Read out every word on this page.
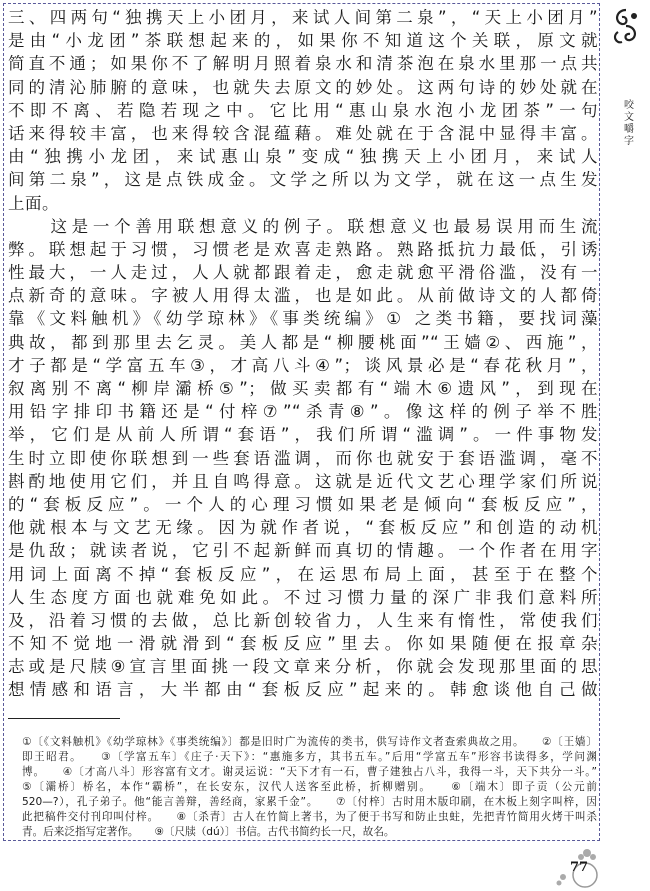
咬文嚼字
三、四两句“独携天上小团月，来试人间第二泉”，“天上小团月”
是由“小龙团”茶联想起来的，如果你不知道这个关联，原文就
简直不通；如果你不了解明月照着泉水和清茶泡在泉水里那一点共
同的清沁肺腑的意味，也就失去原文的妙处。这两句诗的妙处就在
不即不离、若隐若现之中。它比用“惠山泉水泡小龙团茶”一句
话来得较丰富，也来得较含混蕴藉。难处就在于含混中显得丰富。
由“独携小龙团，来试惠山泉”变成“独携天上小团月，来试人
间第二泉”，这是点铁成金。文学之所以为文学，就在这一点生发
上面。
　　这是一个善用联想意义的例子。联想意义也最易误用而生流
弊。联想起于习惯，习惯老是欢喜走熟路。熟路抵抗力最低，引诱
性最大，一人走过，人人就都跟着走，愈走就愈平滑俗滥，没有一
点新奇的意味。字被人用得太滥，也是如此。从前做诗文的人都倚
靠《文料触机》《幼学琼林》《事类统编》① 之类书籍，要找词藻
典故，都到那里去乞灵。美人都是“柳腰桃面”“王嫱②、西施”，
才子都是“学富五车③，才高八斗④”；谈风景必是“春花秋月”，
叙离别不离“柳岸灞桥⑤”；做买卖都有“端木⑥遗风”，到现在
用铅字排印书籍还是“付梓⑦”“杀青⑧”。像这样的例子举不胜
举，它们是从前人所谓“套语”，我们所谓“滥调”。一件事物发
生时立即使你联想到一些套语滥调，而你也就安于套语滥调，毫不
斟酌地使用它们，并且自鸣得意。这就是近代文艺心理学家们所说
的“套板反应”。一个人的心理习惯如果老是倾向“套板反应”，
他就根本与文艺无缘。因为就作者说，“套板反应”和创造的动机
是仇敌；就读者说，它引不起新鲜而真切的情趣。一个作者在用字
用词上面离不掉“套板反应”，在运思布局上面，甚至于在整个
人生态度方面也就难免如此。不过习惯力量的深广非我们意料所
及，沿着习惯的去做，总比新创较省力，人生来有惰性，常使我们
不知不觉地一滑就滑到“套板反应”里去。你如果随便在报章杂
志或是尺牍⑨宣言里面挑一段文章来分析，你就会发现那里面的思
想情感和语言，大半都由“套板反应”起来的。韩愈谈他自己做
①〔《文料触机》《幼学琼林》《事类统编》〕都是旧时广为流传的类书，供写诗作文者查索典故之用。　　②〔王嫱〕
即王昭君。　　③〔学富五车〕《庄子·天下》：“惠施多方，其书五车。”后用“学富五车”形容书读得多，学问渊
博。　　④〔才高八斗〕形容富有文才。谢灵运说：“天下才有一石，曹子建独占八斗，我得一斗，天下共分一斗。”
⑤〔灞桥〕桥名，本作“霸桥”，在长安东，汉代人送客至此桥，折柳赠别。　　⑥〔端木〕即子贡（公元前
520—?），孔子弟子。他“能言善辩，善经商，家累千金”。　　⑦〔付梓〕古时用木版印刷，在木板上刻字叫梓，因
此把稿件交付刊印叫付梓。　　⑧〔杀青〕古人在竹简上著书，为了便于书写和防止虫蛀，先把青竹简用火烤干叫杀
青。后来泛指写定著作。　　⑨〔尺牍（dú）〕书信。古代书简约长一尺，故名。
77
